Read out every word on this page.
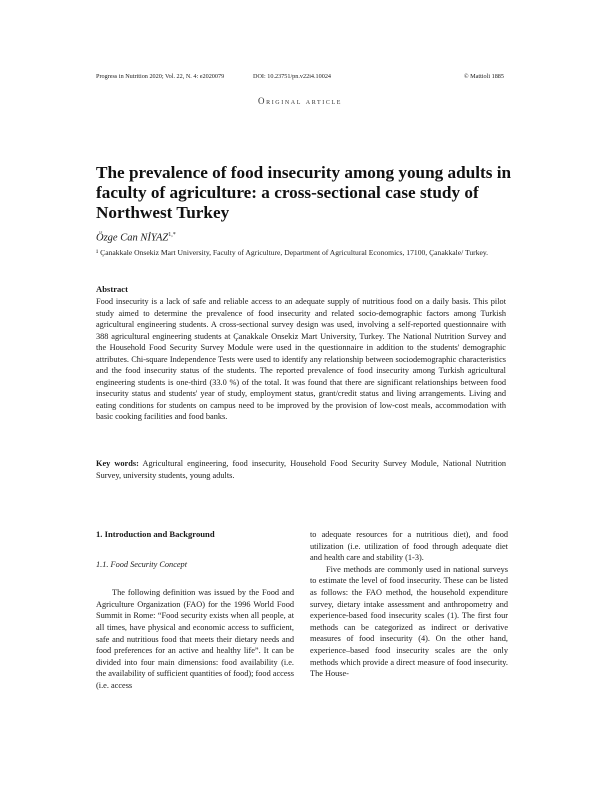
Progress in Nutrition 2020; Vol. 22, N. 4: e2020079	DOI: 10.23751/pn.v22i4.10024	© Mattioli 1885
Original article
The prevalence of food insecurity among young adults in faculty of agriculture: a cross-sectional case study of Northwest Turkey
Özge Can $NİYAZ^{1,*}$
¹ Çanakkale Onsekiz Mart University, Faculty of Agriculture, Department of Agricultural Economics, 17100, Çanakkale/ Turkey.
Abstract

Food insecurity is a lack of safe and reliable access to an adequate supply of nutritious food on a daily basis. This pilot study aimed to determine the prevalence of food insecurity and related socio-demographic factors among Turkish agricultural engineering students. A cross-sectional survey design was used, involving a self-reported questionnaire with 388 agricultural engineering students at Çanakkale Onsekiz Mart University, Turkey. The National Nutrition Survey and the Household Food Security Survey Module were used in the questionnaire in addition to the students' demographic attributes. Chi-square Independence Tests were used to identify any relationship between sociodemographic characteristics and the food insecurity status of the students. The reported prevalence of food insecurity among Turkish agricultural engineering students is one-third (33.0 %) of the total. It was found that there are significant relationships between food insecurity status and students' year of study, employment status, grant/credit status and living arrangements. Living and eating conditions for students on campus need to be improved by the provision of low-cost meals, accommodation with basic cooking facilities and food banks.

Key words: Agricultural engineering, food insecurity, Household Food Security Survey Module, National Nutrition Survey, university students, young adults.

1. Introduction and Background
1.1. Food Security Concept

The following definition was issued by the Food and Agriculture Organization (FAO) for the 1996 World Food Summit in Rome: “Food security exists when all people, at all times, have physical and economic access to sufficient, safe and nutritious food that meets their dietary needs and food preferences for an active and healthy life”. It can be divided into four main dimensions: food availability (i.e. the availability of sufficient quantities of food); food access (i.e. access

to adequate resources for a nutritious diet), and food utilization (i.e. utilization of food through adequate diet and health care and stability (1-3).

Five methods are commonly used in national surveys to estimate the level of food insecurity. These can be listed as follows: the FAO method, the household expenditure survey, dietary intake assessment and anthropometry and experience-based food insecurity scales (1). The first four methods can be categorized as indirect or derivative measures of food insecurity (4). On the other hand, experience–based food insecurity scales are the only methods which provide a direct measure of food insecurity. The House-
